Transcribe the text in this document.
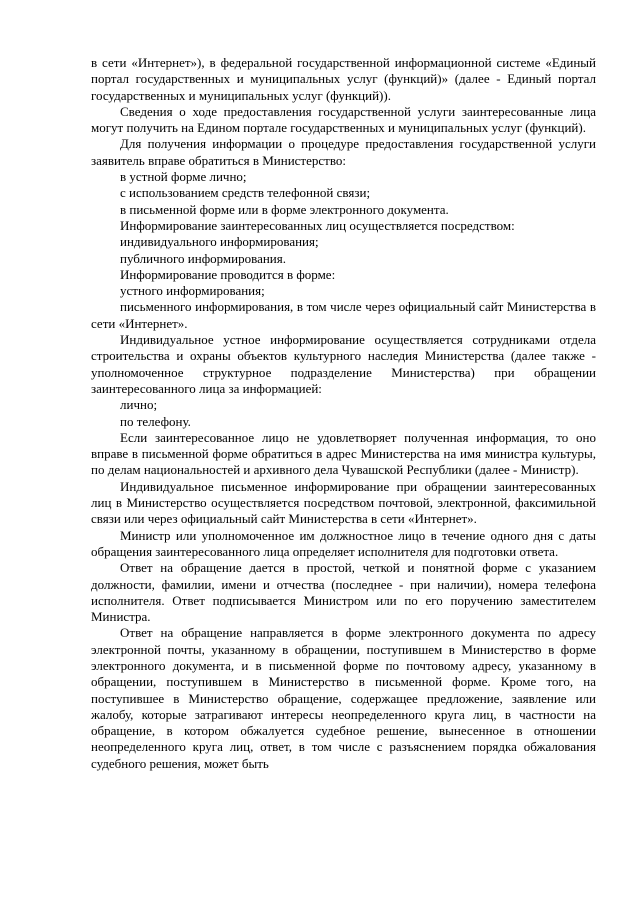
в сети «Интернет»), в федеральной государственной информационной системе «Единый портал государственных и муниципальных услуг (функций)» (далее - Единый портал государственных и муниципальных услуг (функций)).

Сведения о ходе предоставления государственной услуги заинтересованные лица могут получить на Едином портале государственных и муниципальных услуг (функций).

Для получения информации о процедуре предоставления государственной услуги заявитель вправе обратиться в Министерство:

в устной форме лично;

с использованием средств телефонной связи;

в письменной форме или в форме электронного документа.

Информирование заинтересованных лиц осуществляется посредством:

индивидуального информирования;

публичного информирования.

Информирование проводится в форме:

устного информирования;

письменного информирования, в том числе через официальный сайт Министерства в сети «Интернет».

Индивидуальное устное информирование осуществляется сотрудниками отдела строительства и охраны объектов культурного наследия Министерства (далее также - уполномоченное структурное подразделение Министерства) при обращении заинтересованного лица за информацией:

лично;

по телефону.

Если заинтересованное лицо не удовлетворяет полученная информация, то оно вправе в письменной форме обратиться в адрес Министерства на имя министра культуры, по делам национальностей и архивного дела Чувашской Республики (далее - Министр).

Индивидуальное письменное информирование при обращении заинтересованных лиц в Министерство осуществляется посредством почтовой, электронной, факсимильной связи или через официальный сайт Министерства в сети «Интернет».

Министр или уполномоченное им должностное лицо в течение одного дня с даты обращения заинтересованного лица определяет исполнителя для подготовки ответа.

Ответ на обращение дается в простой, четкой и понятной форме с указанием должности, фамилии, имени и отчества (последнее - при наличии), номера телефона исполнителя. Ответ подписывается Министром или по его поручению заместителем Министра.

Ответ на обращение направляется в форме электронного документа по адресу электронной почты, указанному в обращении, поступившем в Министерство в форме электронного документа, и в письменной форме по почтовому адресу, указанному в обращении, поступившем в Министерство в письменной форме. Кроме того, на поступившее в Министерство обращение, содержащее предложение, заявление или жалобу, которые затрагивают интересы неопределенного круга лиц, в частности на обращение, в котором обжалуется судебное решение, вынесенное в отношении неопределенного круга лиц, ответ, в том числе с разъяснением порядка обжалования судебного решения, может быть
